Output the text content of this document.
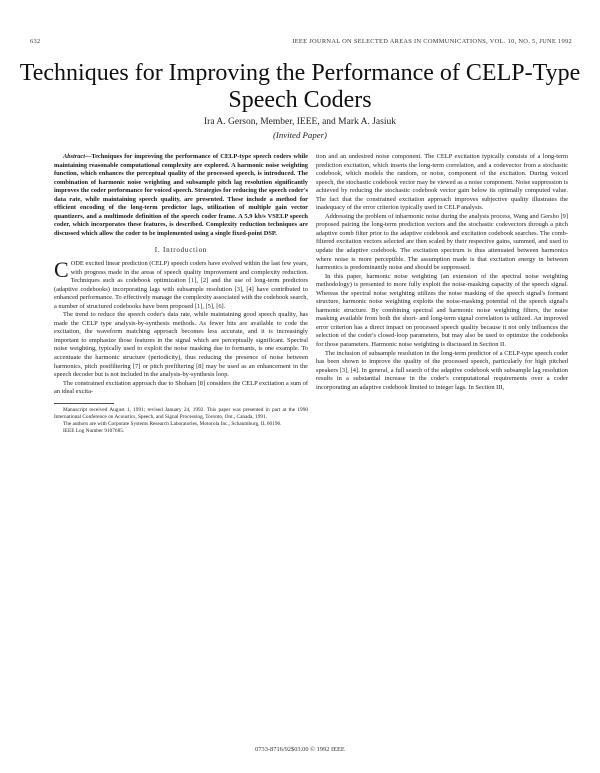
632	IEEE JOURNAL ON SELECTED AREAS IN COMMUNICATIONS, VOL. 10, NO. 5, JUNE 1992
Techniques for Improving the Performance of CELP-Type Speech Coders
Ira A. Gerson, Member, IEEE, and Mark A. Jasiuk
(Invited Paper)

Abstract—Techniques for improving the performance of CELP-type speech coders while maintaining reasonable computational complexity are explored. A harmonic noise weighting function, which enhances the perceptual quality of the processed speech, is introduced. The combination of harmonic noise weighting and subsample pitch lag resolution significantly improves the coder performance for voiced speech. Strategies for reducing the speech coder's data rate, while maintaining speech quality, are presented. These include a method for efficient encoding of the long-term predictor lags, utilization of multiple gain vector quantizers, and a multimode definition of the speech coder frame. A 5.9 kb/s VSELP speech coder, which incorporates these features, is described. Complexity reduction techniques are discussed which allow the coder to be implemented using a single fixed-point DSP.

I. Introduction

CODE excited linear prediction (CELP) speech coders have evolved within the last few years, with progress made in the areas of speech quality improvement and complexity reduction. Techniques such as codebook optimization [1], [2] and the use of long-term predictors (adaptive codebooks) incorporating lags with subsample resolution [3], [4] have contributed to enhanced performance. To effectively manage the complexity associated with the codebook search, a number of structured codebooks have been proposed [1], [5], [6].

The trend to reduce the speech coder's data rate, while maintaining good speech quality, has made the CELP type analysis-by-synthesis methods. As fewer bits are available to code the excitation, the waveform matching approach becomes less accurate, and it is increasingly important to emphasize those features in the signal which are perceptually significant. Spectral noise weighting, typically used to exploit the noise masking due to formants, is one example. To accentuate the harmonic structure (periodicity), thus reducing the presence of noise between harmonics, pitch postfiltering [7] or pitch prefiltering [8] may be used as an enhancement in the speech decoder but is not included in the analysis-by-synthesis loop.

The constrained excitation approach due to Shoham [8] considers the CELP excitation a sum of an ideal excita-

Manuscript received August 1, 1991; revised January 24, 1992. This paper was presented in part at the 1990 International Conference on Acoustics, Speech, and Signal Processing, Toronto, Ont., Canada, 1991.

The authors are with Corporate Systems Research Laboratories, Motorola Inc., Schaumburg, IL 60196.

IEEE Log Number 9107685.

tion and an undesired noise component. The CELP excitation typically consists of a long-term prediction excitation, which inserts the long-term correlation, and a codevector from a stochastic codebook, which models the random, or noise, component of the excitation. During voiced speech, the stochastic codebook vector may be viewed as a noise component. Noise suppression is achieved by reducing the stochastic codebook vector gain below its optimally computed value. The fact that the constrained excitation approach improves subjective quality illustrates the inadequacy of the error criterion typically used in CELP analysis.

Addressing the problem of inharmonic noise during the analysis process, Wang and Gersho [9] proposed pairing the long-term prediction vectors and the stochastic codevectors through a pitch adaptive comb filter prior to the adaptive codebook and excitation codebook searches. The comb-filtered excitation vectors selected are then scaled by their respective gains, summed, and used to update the adaptive codebook. The excitation spectrum is thus attenuated between harmonics where noise is more perceptible. The assumption made is that excitation energy in between harmonics is predominantly noise and should be suppressed.

In this paper, harmonic noise weighting (an extension of the spectral noise weighting methodology) is presented to more fully exploit the noise-masking capacity of the speech signal. Whereas the spectral noise weighting utilizes the noise masking of the speech signal's formant structure, harmonic noise weighting exploits the noise-masking potential of the speech signal's harmonic structure. By combining spectral and harmonic noise weighting filters, the noise masking available from both the short- and long-term signal correlation is utilized. An improved error criterion has a direct impact on processed speech quality because it not only influences the selection of the coder's closed-loop parameters, but may also be used to optimize the codebooks for those parameters. Harmonic noise weighting is discussed in Section II.

The inclusion of subsample resolution in the long-term predictor of a CELP-type speech coder has been shown to improve the quality of the processed speech, particularly for high pitched speakers [3], [4]. In general, a full search of the adaptive codebook with subsample lag resolution results in a substantial increase in the coder's computational requirements over a coder incorporating an adaptive codebook limited to integer lags. In Section III,

0733-8716/92$03.00 © 1992 IEEE
